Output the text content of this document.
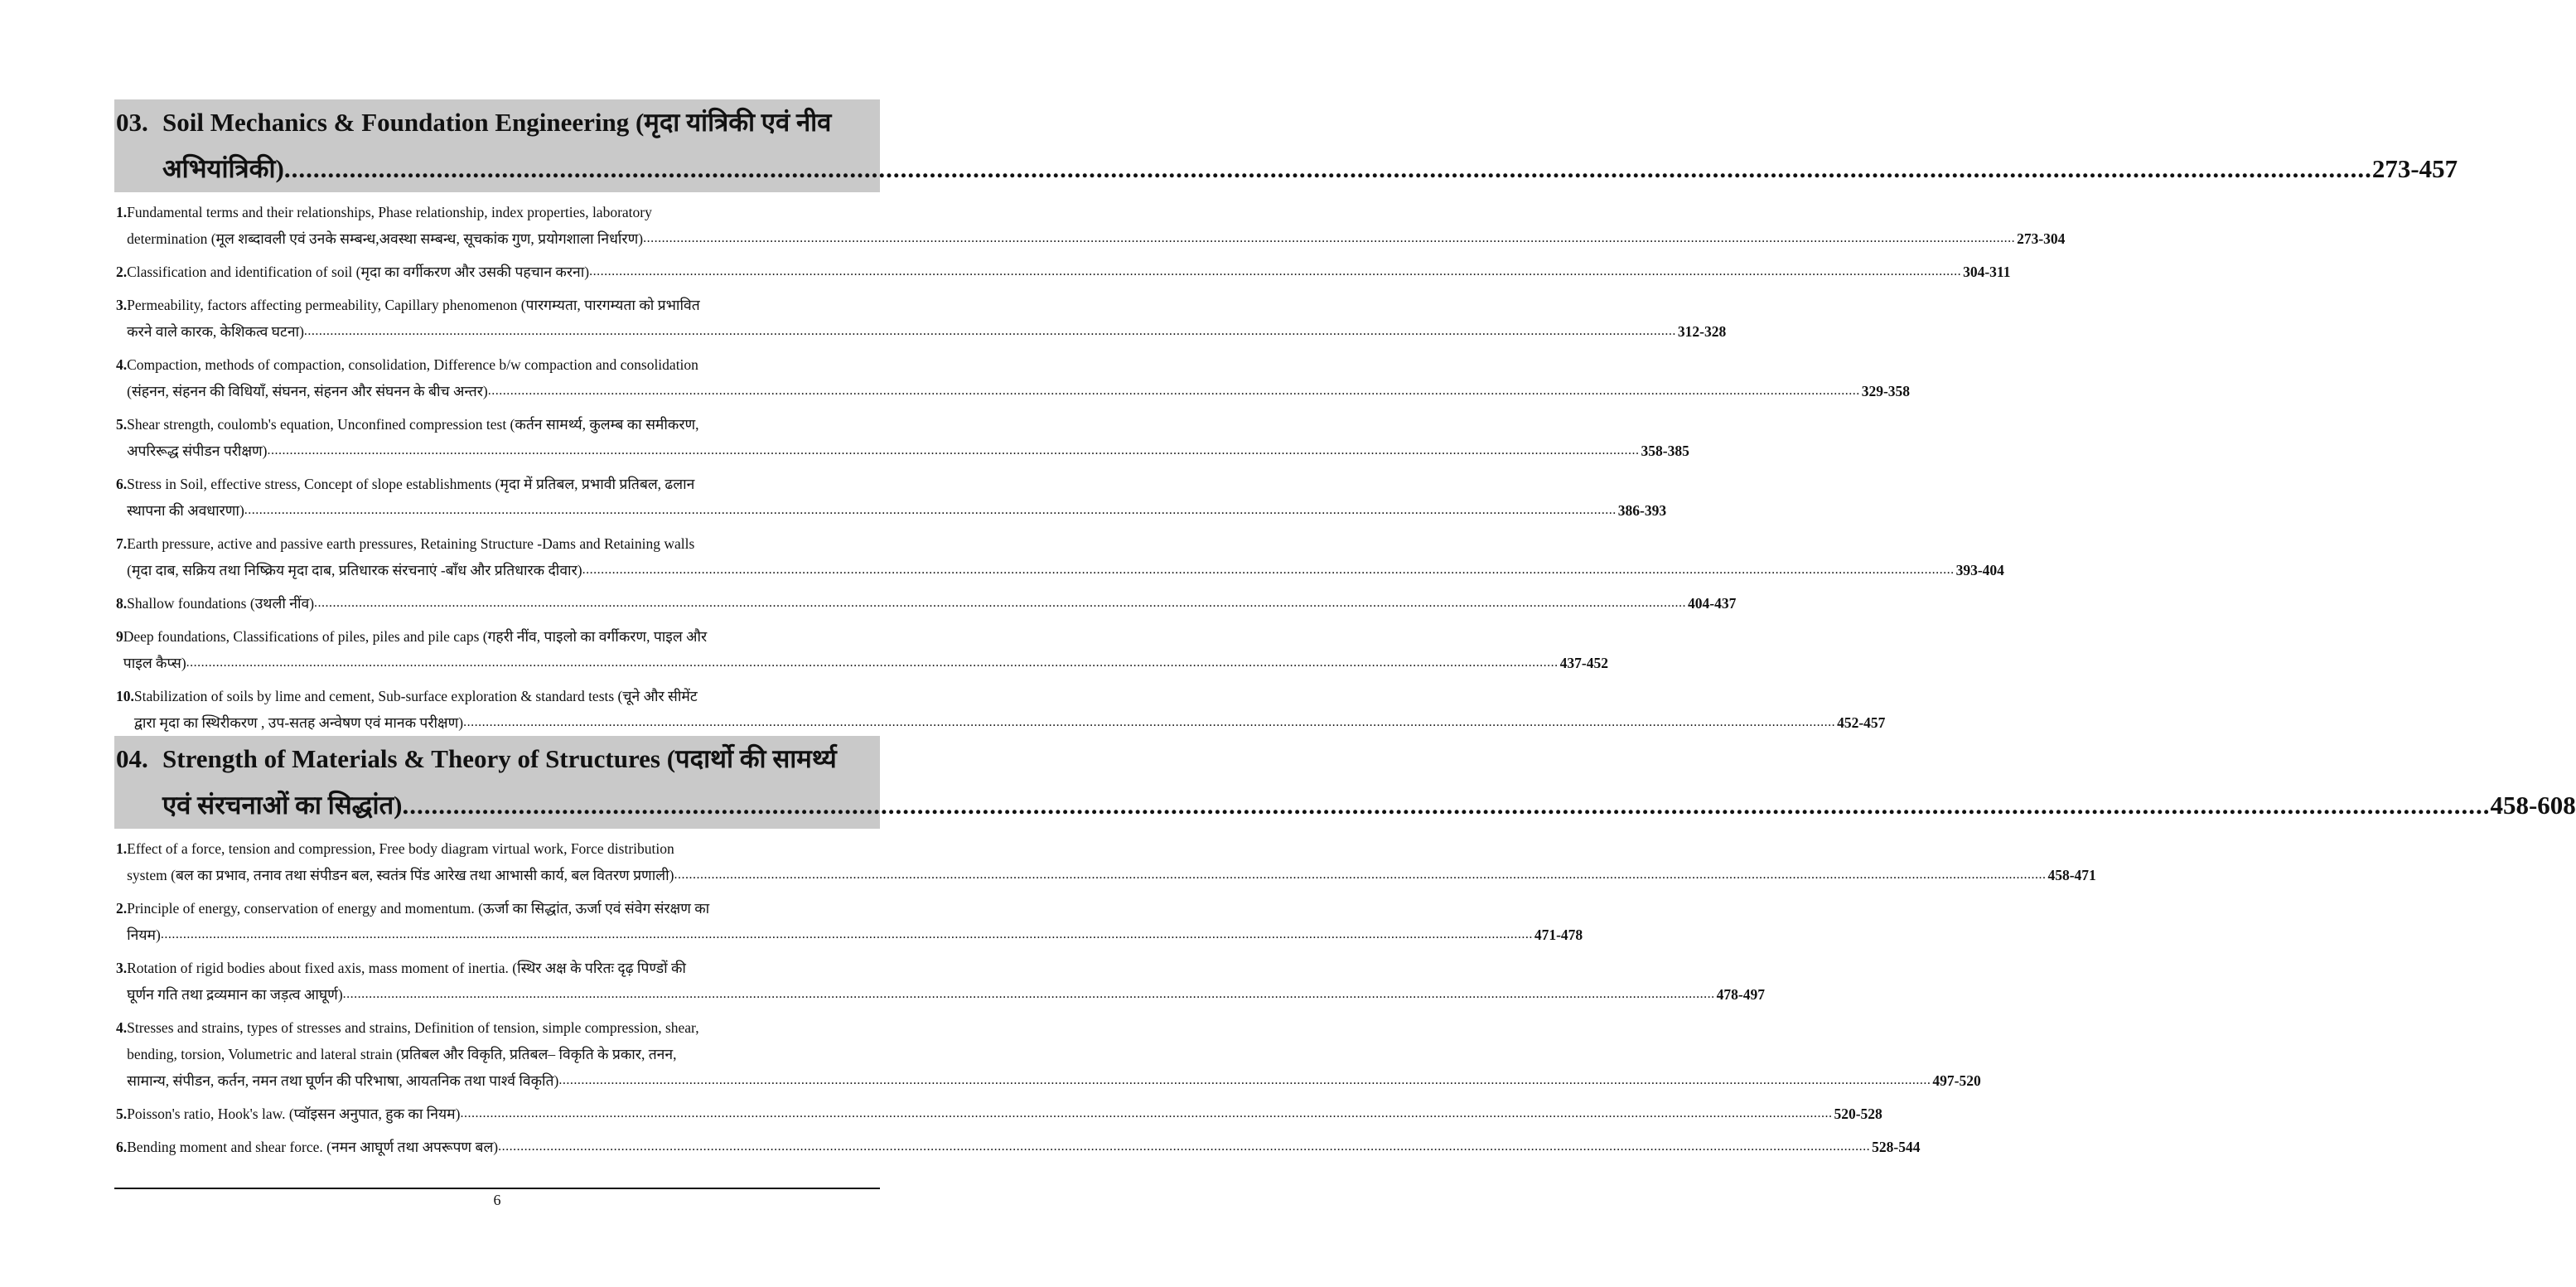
03. Soil Mechanics & Foundation Engineering (मृदा यांत्रिकी एवं नीव
अभियांत्रिकी) .....	273-457
1. Fundamental terms and their relationships, Phase relationship, index properties, laboratory
determination (मूल शब्दावली एवं उनके सम्बन्ध,अवस्था सम्बन्ध, सूचकांक गुण, प्रयोगशाला निर्धारण) .....	273-304
2. Classification and identification of soil (मृदा का वर्गीकरण और उसकी पहचान करना) .....	304-311
3. Permeability, factors affecting permeability, Capillary phenomenon (पारगम्यता, पारगम्यता को प्रभावित
करने वाले कारक, केशिकत्व घटना) .....	312-328
4. Compaction, methods of compaction, consolidation, Difference b/w compaction and consolidation
(संहनन, संहनन की विधियाँ, संघनन, संहनन और संघनन के बीच अन्तर) .....	329-358
5. Shear strength, coulomb's equation, Unconfined compression test (कर्तन सामर्थ्य, कुलम्ब का समीकरण,
अपरिरूद्ध संपीडन परीक्षण) .....	358-385
6. Stress in Soil, effective stress, Concept of slope establishments (मृदा में प्रतिबल, प्रभावी प्रतिबल, ढलान
स्थापना की अवधारणा) .....	386-393
7. Earth pressure, active and passive earth pressures, Retaining Structure -Dams and Retaining walls
(मृदा दाब, सक्रिय तथा निष्क्रिय मृदा दाब, प्रतिधारक संरचनाएं -बाँध और प्रतिधारक दीवार) .....	393-404
8. Shallow foundations (उथली नींव) .....	404-437
9 Deep foundations, Classifications of piles, piles and pile caps (गहरी नींव, पाइलो का वर्गीकरण, पाइल और
पाइल कैप्स) .....	437-452
10. Stabilization of soils by lime and cement, Sub-surface exploration & standard tests (चूने और सीमेंट
द्वारा मृदा का स्थिरीकरण , उप-सतह अन्वेषण एवं मानक परीक्षण) .....	452-457
04. Strength of Materials & Theory of Structures (पदार्थो की सामर्थ्य
एवं संरचनाओं का सिद्धांत) .....	458-608
1. Effect of a force, tension and compression, Free body diagram virtual work, Force distribution
system (बल का प्रभाव, तनाव तथा संपीडन बल, स्वतंत्र पिंड आरेख तथा आभासी कार्य, बल वितरण प्रणाली) .....	458-471
2. Principle of energy, conservation of energy and momentum. (ऊर्जा का सिद्धांत, ऊर्जा एवं संवेग संरक्षण का
नियम) .....	471-478
3. Rotation of rigid bodies about fixed axis, mass moment of inertia. (स्थिर अक्ष के परितः दृढ़ पिण्डों की
घूर्णन गति तथा द्रव्यमान का जड़त्व आघूर्ण) .....	478-497
4. Stresses and strains, types of stresses and strains, Definition of tension, simple compression, shear,
bending, torsion, Volumetric and lateral strain (प्रतिबल और विकृति, प्रतिबल– विकृति के प्रकार, तनन,
सामान्य, संपीडन, कर्तन, नमन तथा घूर्णन की परिभाषा, आयतनिक तथा पार्श्व विकृति) .....	497-520
5. Poisson's ratio, Hook's law. (प्वॉइसन अनुपात, हुक का नियम) .....	520-528
6. Bending moment and shear force. (नमन आघूर्ण तथा अपरूपण बल) .....	528-544
6
